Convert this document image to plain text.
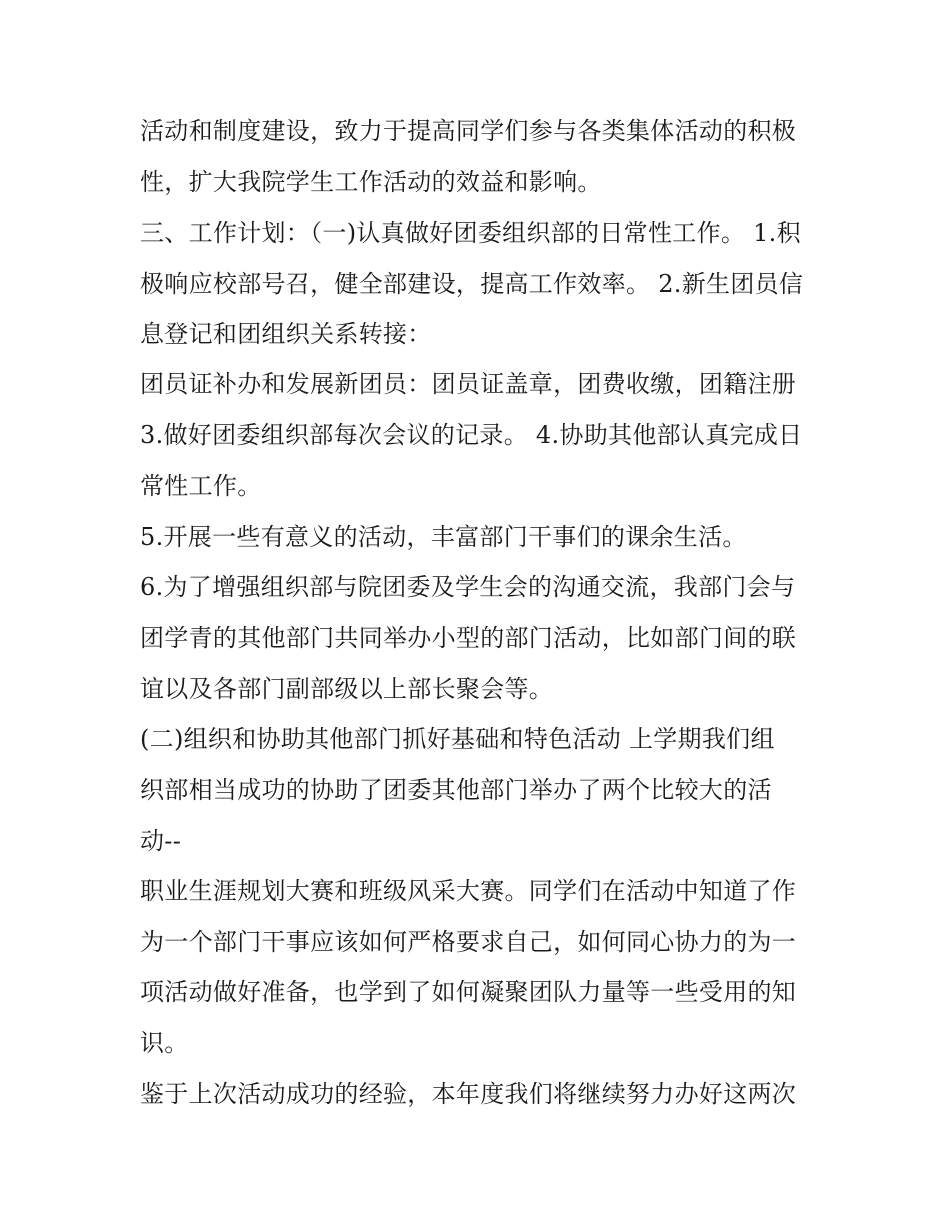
活动和制度建设，致力于提高同学们参与各类集体活动的积极
性，扩大我院学生工作活动的效益和影响。
三、工作计划：（一)认真做好团委组织部的日常性工作。 1.积
极响应校部号召，健全部建设，提高工作效率。 2.新生团员信
息登记和团组织关系转接：
团员证补办和发展新团员：团员证盖章，团费收缴，团籍注册
3.做好团委组织部每次会议的记录。 4.协助其他部认真完成日
常性工作。
5.开展一些有意义的活动，丰富部门干事们的课余生活。
6.为了增强组织部与院团委及学生会的沟通交流，我部门会与
团学青的其他部门共同举办小型的部门活动，比如部门间的联
谊以及各部门副部级以上部长聚会等。
(二)组织和协助其他部门抓好基础和特色活动 上学期我们组
织部相当成功的协助了团委其他部门举办了两个比较大的活
动--
职业生涯规划大赛和班级风采大赛。同学们在活动中知道了作
为一个部门干事应该如何严格要求自己，如何同心协力的为一
项活动做好准备，也学到了如何凝聚团队力量等一些受用的知
识。
鉴于上次活动成功的经验，本年度我们将继续努力办好这两次
